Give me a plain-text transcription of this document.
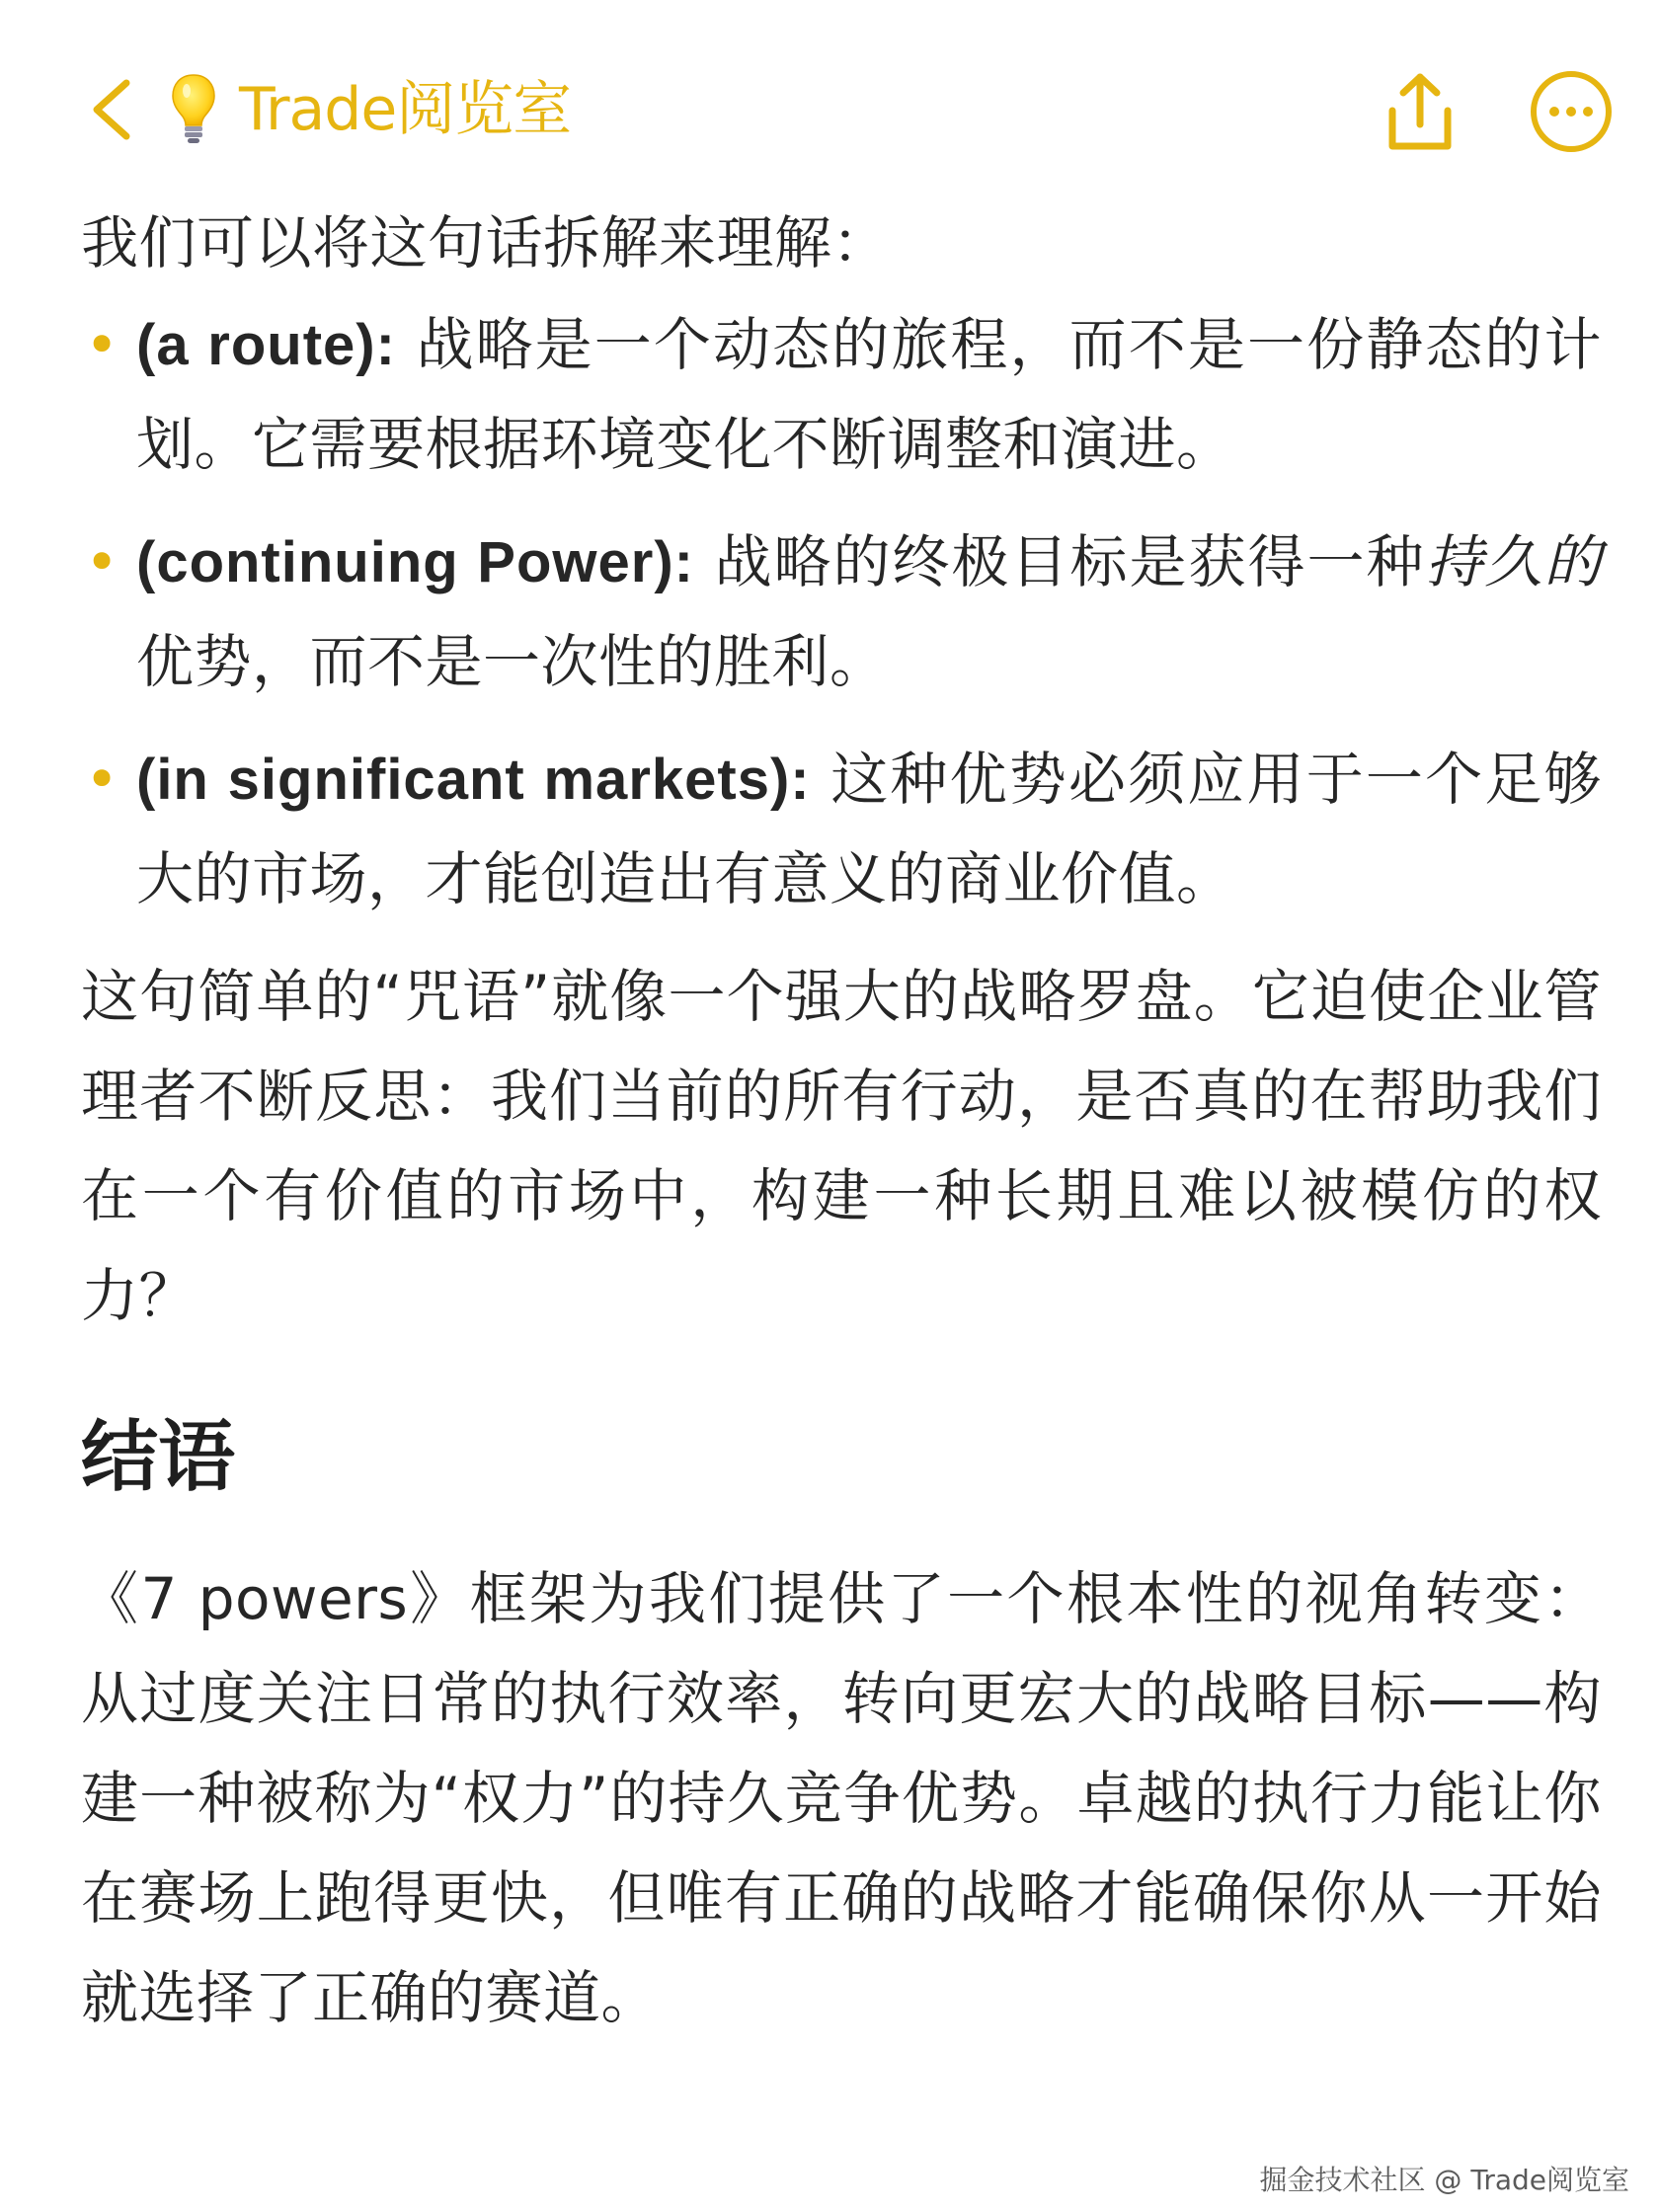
Trade阅览室

我们可以将这句话拆解来理解：

• (a route): 战略是一个动态的旅程，而不是一份静态的计划。它需要根据环境变化不断调整和演进。
• (continuing Power): 战略的终极目标是获得一种持久的优势，而不是一次性的胜利。
• (in significant markets): 这种优势必须应用于一个足够大的市场，才能创造出有意义的商业价值。

这句简单的“咒语”就像一个强大的战略罗盘。它迫使企业管理者不断反思：我们当前的所有行动，是否真的在帮助我们在一个有价值的市场中，构建一种长期且难以被模仿的权力？

结语

《7 powers》框架为我们提供了一个根本性的视角转变：从过度关注日常的执行效率，转向更宏大的战略目标——构建一种被称为“权力”的持久竞争优势。卓越的执行力能让你在赛场上跑得更快，但唯有正确的战略才能确保你从一开始就选择了正确的赛道。

掘金技术社区 @ Trade阅览室
